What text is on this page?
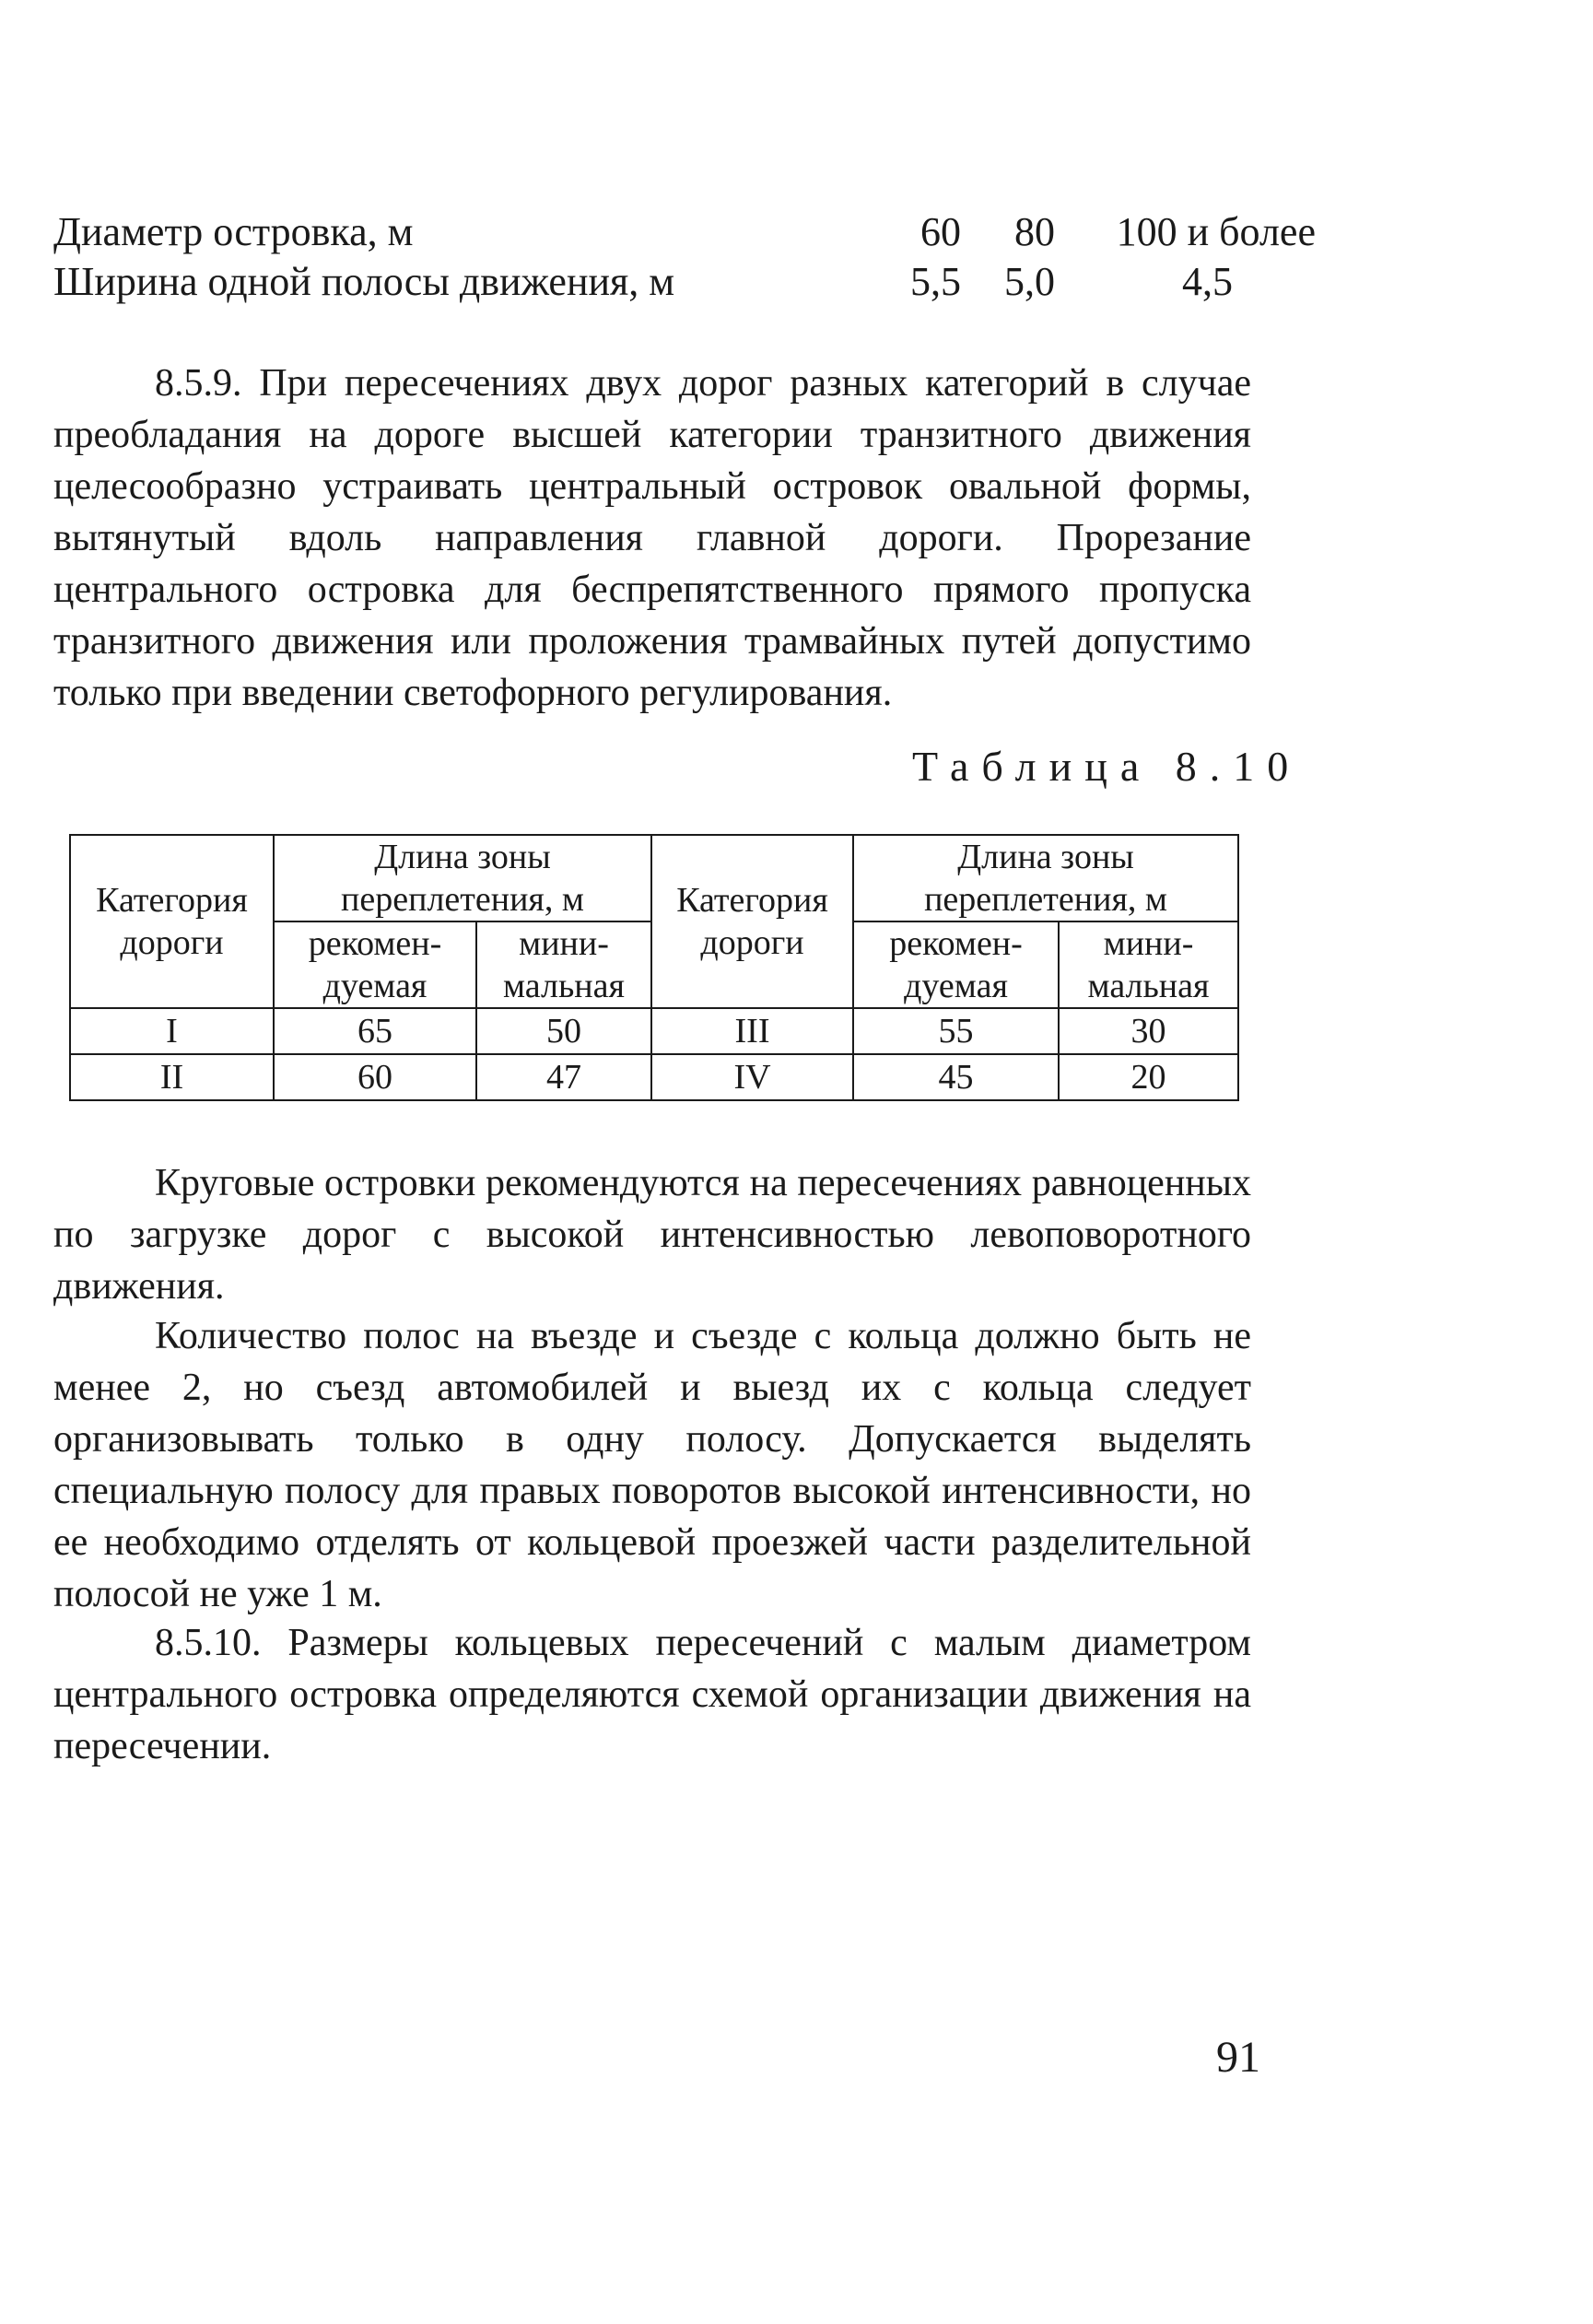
Диаметр островка, м	60	80	100 и более
Ширина одной полосы движения, м	5,5	5,0	4,5

8.5.9. При пересечениях двух дорог разных категорий в случае преобладания на дороге высшей категории транзитного движения целесообразно устраивать центральный островок овальной формы, вытянутый вдоль направления главной дороги. Прорезание центрального островка для беспрепятственного прямого пропуска транзитного движения или проложения трамвайных путей допустимо только при введении светофорного регулирования.

Таблица 8.10
Категория дороги	Длина зоны переплетения, м		Категория дороги	Длина зоны переплетения, м	
	рекомен-дуемая	мини-мальная		рекомен-дуемая	мини-мальная
I	65	50	III	55	30
II	60	47	IV	45	20

Круговые островки рекомендуются на пересечениях равноценных по загрузке дорог с высокой интенсивностью левоповоротного движения.

Количество полос на въезде и съезде с кольца должно быть не менее 2, но съезд автомобилей и выезд их с кольца следует организовывать только в одну полосу. Допускается выделять специальную полосу для правых поворотов высокой интенсивности, но ее необходимо отделять от кольцевой проезжей части разделительной полосой не уже 1 м.

8.5.10. Размеры кольцевых пересечений с малым диаметром центрального островка определяются схемой организации движения на пересечении.

91
